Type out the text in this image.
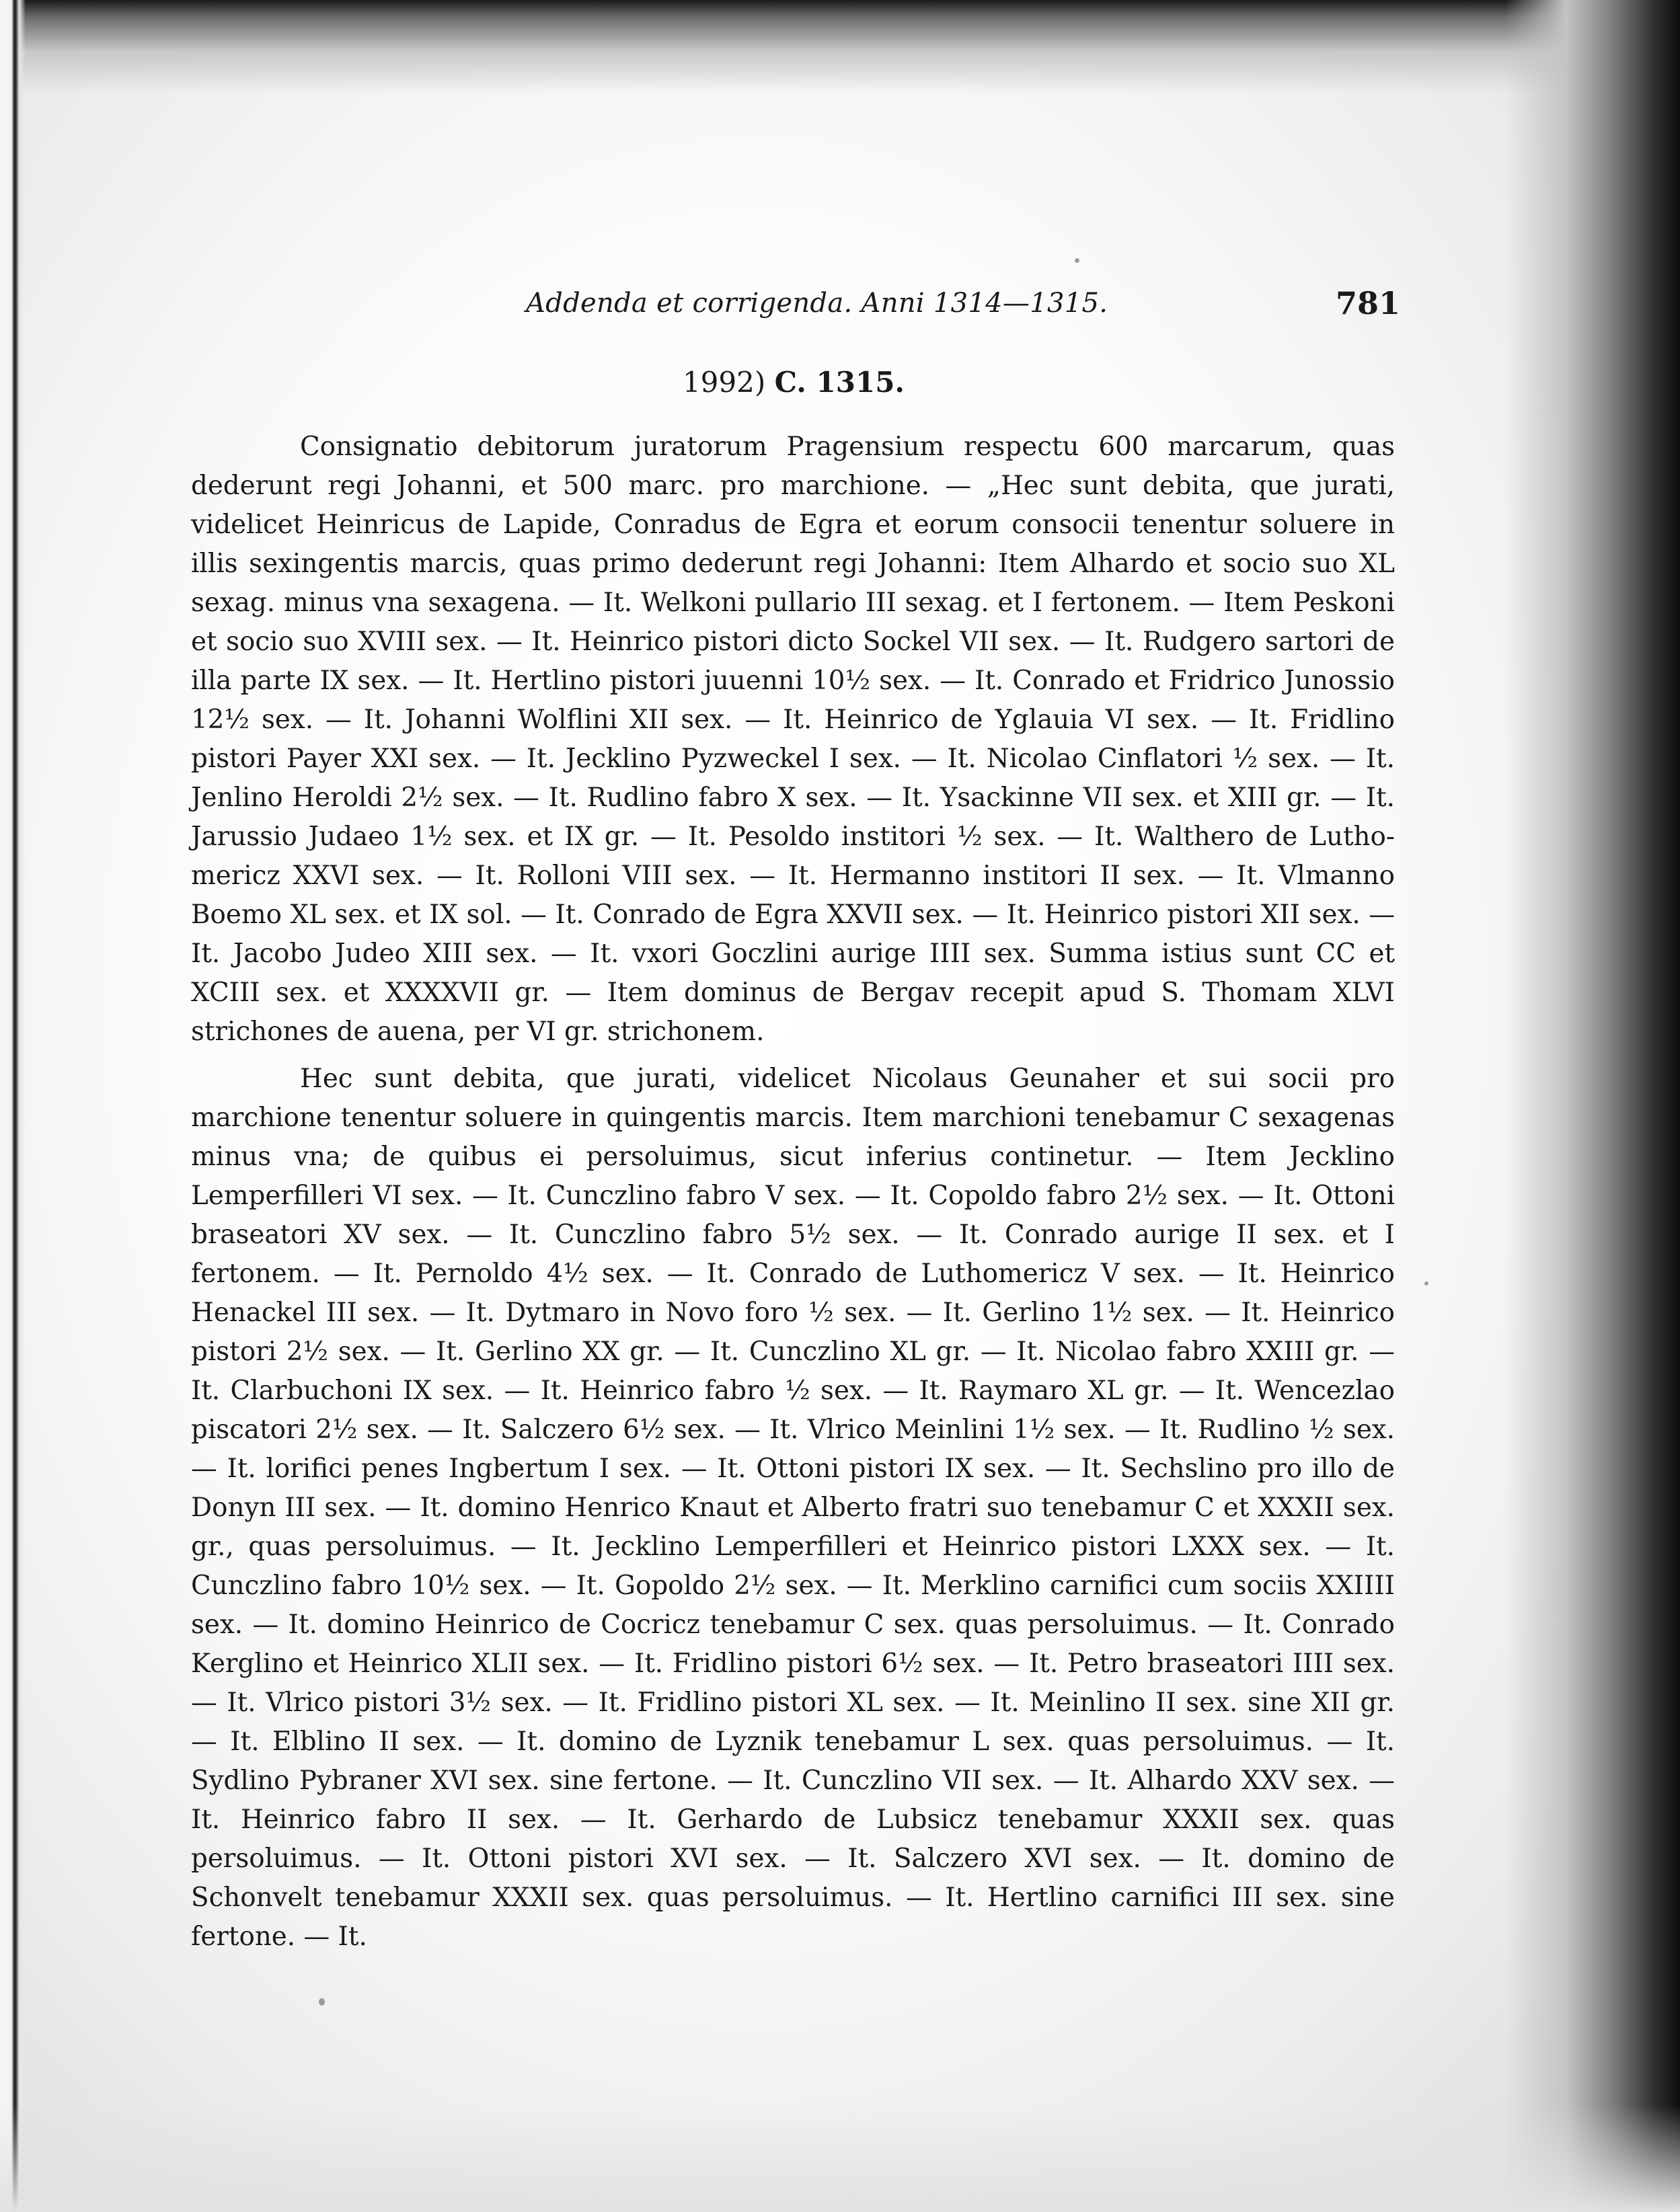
Addenda et corrigenda. Anni 1314—1315.	781
1992) C. 1315.

Consignatio debitorum juratorum Pragensium respectu 600 marcarum, quas dederunt regi Johanni, et 500 marc. pro marchione. — „Hec sunt debita, que jurati, videlicet Heinricus de Lapide, Conradus de Egra et eorum consocii tenentur soluere in illis sexingentis marcis, quas primo dederunt regi Johanni: Item Alhardo et socio suo XL sexag. minus vna sexagena. — It. Welkoni pullario III sexag. et I fertonem. — Item Peskoni et socio suo XVIII sex. — It. Heinrico pistori dicto Sockel VII sex. — It. Rudgero sartori de illa parte IX sex. — It. Hertlino pistori juuenni 10½ sex. — It. Conrado et Fridrico Junossio 12½ sex. — It. Johanni Wolflini XII sex. — It. Heinrico de Yglauia VI sex. — It. Fridlino pistori Payer XXI sex. — It. Jecklino Pyzweckel I sex. — It. Nicolao Cinflatori ½ sex. — It. Jenlino Heroldi 2½ sex. — It. Rudlino fabro X sex. — It. Ysackinne VII sex. et XIII gr. — It. Jarussio Judaeo 1½ sex. et IX gr. — It. Pesoldo institori ½ sex. — It. Walthero de Luthomericz XXVI sex. — It. Rolloni VIII sex. — It. Hermanno institori II sex. — It. Vlmanno Boemo XL sex. et IX sol. — It. Conrado de Egra XXVII sex. — It. Heinrico pistori XII sex. — It. Jacobo Judeo XIII sex. — It. vxori Goczlini aurige IIII sex. Summa istius sunt CC et XCIII sex. et XXXXVII gr. — Item dominus de Bergav recepit apud S. Thomam XLVI strichones de auena, per VI gr. strichonem.

Hec sunt debita, que jurati, videlicet Nicolaus Geunaher et sui socii pro marchione tenentur soluere in quingentis marcis. Item marchioni tenebamur C sexagenas minus vna; de quibus ei persoluimus, sicut inferius continetur. — Item Jecklino Lemperfilleri VI sex. — It. Cunczlino fabro V sex. — It. Copoldo fabro 2½ sex. — It. Ottoni braseatori XV sex. — It. Cunczlino fabro 5½ sex. — It. Conrado aurige II sex. et I fertonem. — It. Pernoldo 4½ sex. — It. Conrado de Luthomericz V sex. — It. Heinrico Henackel III sex. — It. Dytmaro in Novo foro ½ sex. — It. Gerlino 1½ sex. — It. Heinrico pistori 2½ sex. — It. Gerlino XX gr. — It. Cunczlino XL gr. — It. Nicolao fabro XXIII gr. — It. Clarbuchoni IX sex. — It. Heinrico fabro ½ sex. — It. Raymaro XL gr. — It. Wencezlao piscatori 2½ sex. — It. Salczero 6½ sex. — It. Vlrico Meinlini 1½ sex. — It. Rudlino ½ sex. — It. lorifici penes Ingbertum I sex. — It. Ottoni pistori IX sex. — It. Sechslino pro illo de Donyn III sex. — It. domino Henrico Knaut et Alberto fratri suo tenebamur C et XXXII sex. gr., quas persoluimus. — It. Jecklino Lemperfilleri et Heinrico pistori LXXX sex. — It. Cunczlino fabro 10½ sex. — It. Gopoldo 2½ sex. — It. Merklino carnifici cum sociis XXIIII sex. — It. domino Heinrico de Cocricz tenebamur C sex. quas persoluimus. — It. Conrado Kerglino et Heinrico XLII sex. — It. Fridlino pistori 6½ sex. — It. Petro braseatori IIII sex. — It. Vlrico pistori 3½ sex. — It. Fridlino pistori XL sex. — It. Meinlino II sex. sine XII gr. — It. Elblino II sex. — It. domino de Lyznik tenebamur L sex. quas persoluimus. — It. Sydlino Pybraner XVI sex. sine fertone. — It. Cunczlino VII sex. — It. Alhardo XXV sex. — It. Heinrico fabro II sex. — It. Gerhardo de Lubsicz tenebamur XXXII sex. quas persoluimus. — It. Ottoni pistori XVI sex. — It. Salczero XVI sex. — It. domino de Schonvelt tenebamur XXXII sex. quas persoluimus. — It. Hertlino carnifici III sex. sine fertone. — It.
